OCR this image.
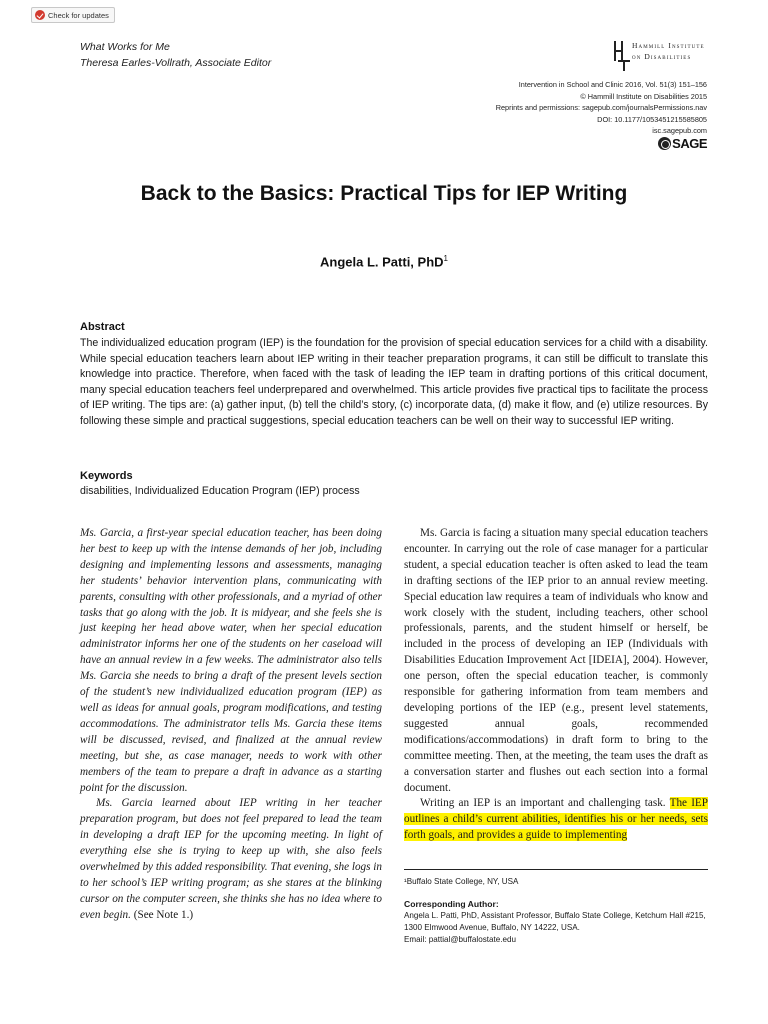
Check for updates
What Works for Me
Theresa Earles-Vollrath, Associate Editor
Hammill Institute
on Disabilities
Intervention in School and Clinic 2016, Vol. 51(3) 151–156
© Hammill Institute on Disabilities 2015
Reprints and permissions: sagepub.com/journalsPermissions.nav
DOI: 10.1177/1053451215585805
isc.sagepub.com
SAGE
Back to the Basics: Practical Tips for IEP Writing
Angela L. Patti, PhD$^1$
Abstract

The individualized education program (IEP) is the foundation for the provision of special education services for a child with a disability. While special education teachers learn about IEP writing in their teacher preparation programs, it can still be difficult to translate this knowledge into practice. Therefore, when faced with the task of leading the IEP team in drafting portions of this critical document, many special education teachers feel underprepared and overwhelmed. This article provides five practical tips to facilitate the process of IEP writing. The tips are: (a) gather input, (b) tell the child’s story, (c) incorporate data, (d) make it flow, and (e) utilize resources. By following these simple and practical suggestions, special education teachers can be well on their way to successful IEP writing.

Keywords

disabilities, Individualized Education Program (IEP) process

Ms. Garcia, a first-year special education teacher, has been doing her best to keep up with the intense demands of her job, including designing and implementing lessons and assessments, managing her students’ behavior intervention plans, communicating with parents, consulting with other professionals, and a myriad of other tasks that go along with the job. It is midyear, and she feels she is just keeping her head above water, when her special education administrator informs her one of the students on her caseload will have an annual review in a few weeks. The administrator also tells Ms. Garcia she needs to bring a draft of the present levels section of the student’s new individualized education program (IEP) as well as ideas for annual goals, program modifications, and testing accommodations. The administrator tells Ms. Garcia these items will be discussed, revised, and finalized at the annual review meeting, but she, as case manager, needs to work with other members of the team to prepare a draft in advance as a starting point for the discussion.

Ms. Garcia learned about IEP writing in her teacher preparation program, but does not feel prepared to lead the team in developing a draft IEP for the upcoming meeting. In light of everything else she is trying to keep up with, she also feels overwhelmed by this added responsibility. That evening, she logs in to her school’s IEP writing program; as she stares at the blinking cursor on the computer screen, she thinks she has no idea where to even begin. (See Note 1.)

Ms. Garcia is facing a situation many special education teachers encounter. In carrying out the role of case manager for a particular student, a special education teacher is often asked to lead the team in drafting sections of the IEP prior to an annual review meeting. Special education law requires a team of individuals who know and work closely with the student, including teachers, other school professionals, parents, and the student himself or herself, be included in the process of developing an IEP (Individuals with Disabilities Education Improvement Act [IDEIA], 2004). However, one person, often the special education teacher, is commonly responsible for gathering information from team members and developing portions of the IEP (e.g., present level statements, suggested annual goals, recommended modifications/accommodations) in draft form to bring to the committee meeting. Then, at the meeting, the team uses the draft as a conversation starter and flushes out each section into a formal document.

Writing an IEP is an important and challenging task. The IEP outlines a child’s current abilities, identifies his or her needs, sets forth goals, and provides a guide to implementing

¹Buffalo State College, NY, USA
Corresponding Author:
Angela L. Patti, PhD, Assistant Professor, Buffalo State College, Ketchum Hall #215, 1300 Elmwood Avenue, Buffalo, NY 14222, USA.
Email: pattial@buffalostate.edu
